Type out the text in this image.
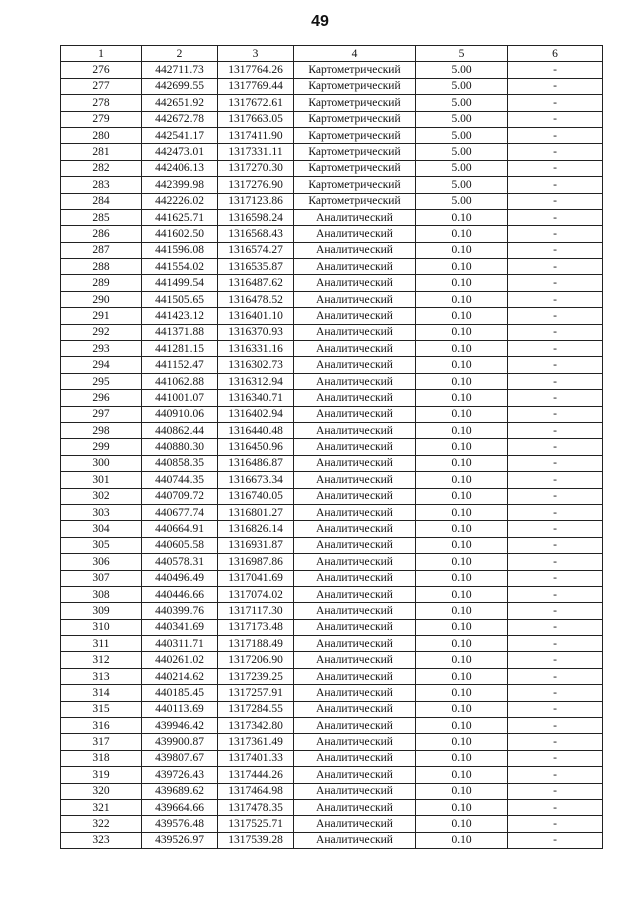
49
1	2	3	4	5	6
276	442711.73	1317764.26	Картометрический	5.00	-
277	442699.55	1317769.44	Картометрический	5.00	-
278	442651.92	1317672.61	Картометрический	5.00	-
279	442672.78	1317663.05	Картометрический	5.00	-
280	442541.17	1317411.90	Картометрический	5.00	-
281	442473.01	1317331.11	Картометрический	5.00	-
282	442406.13	1317270.30	Картометрический	5.00	-
283	442399.98	1317276.90	Картометрический	5.00	-
284	442226.02	1317123.86	Картометрический	5.00	-
285	441625.71	1316598.24	Аналитический	0.10	-
286	441602.50	1316568.43	Аналитический	0.10	-
287	441596.08	1316574.27	Аналитический	0.10	-
288	441554.02	1316535.87	Аналитический	0.10	-
289	441499.54	1316487.62	Аналитический	0.10	-
290	441505.65	1316478.52	Аналитический	0.10	-
291	441423.12	1316401.10	Аналитический	0.10	-
292	441371.88	1316370.93	Аналитический	0.10	-
293	441281.15	1316331.16	Аналитический	0.10	-
294	441152.47	1316302.73	Аналитический	0.10	-
295	441062.88	1316312.94	Аналитический	0.10	-
296	441001.07	1316340.71	Аналитический	0.10	-
297	440910.06	1316402.94	Аналитический	0.10	-
298	440862.44	1316440.48	Аналитический	0.10	-
299	440880.30	1316450.96	Аналитический	0.10	-
300	440858.35	1316486.87	Аналитический	0.10	-
301	440744.35	1316673.34	Аналитический	0.10	-
302	440709.72	1316740.05	Аналитический	0.10	-
303	440677.74	1316801.27	Аналитический	0.10	-
304	440664.91	1316826.14	Аналитический	0.10	-
305	440605.58	1316931.87	Аналитический	0.10	-
306	440578.31	1316987.86	Аналитический	0.10	-
307	440496.49	1317041.69	Аналитический	0.10	-
308	440446.66	1317074.02	Аналитический	0.10	-
309	440399.76	1317117.30	Аналитический	0.10	-
310	440341.69	1317173.48	Аналитический	0.10	-
311	440311.71	1317188.49	Аналитический	0.10	-
312	440261.02	1317206.90	Аналитический	0.10	-
313	440214.62	1317239.25	Аналитический	0.10	-
314	440185.45	1317257.91	Аналитический	0.10	-
315	440113.69	1317284.55	Аналитический	0.10	-
316	439946.42	1317342.80	Аналитический	0.10	-
317	439900.87	1317361.49	Аналитический	0.10	-
318	439807.67	1317401.33	Аналитический	0.10	-
319	439726.43	1317444.26	Аналитический	0.10	-
320	439689.62	1317464.98	Аналитический	0.10	-
321	439664.66	1317478.35	Аналитический	0.10	-
322	439576.48	1317525.71	Аналитический	0.10	-
323	439526.97	1317539.28	Аналитический	0.10	-
